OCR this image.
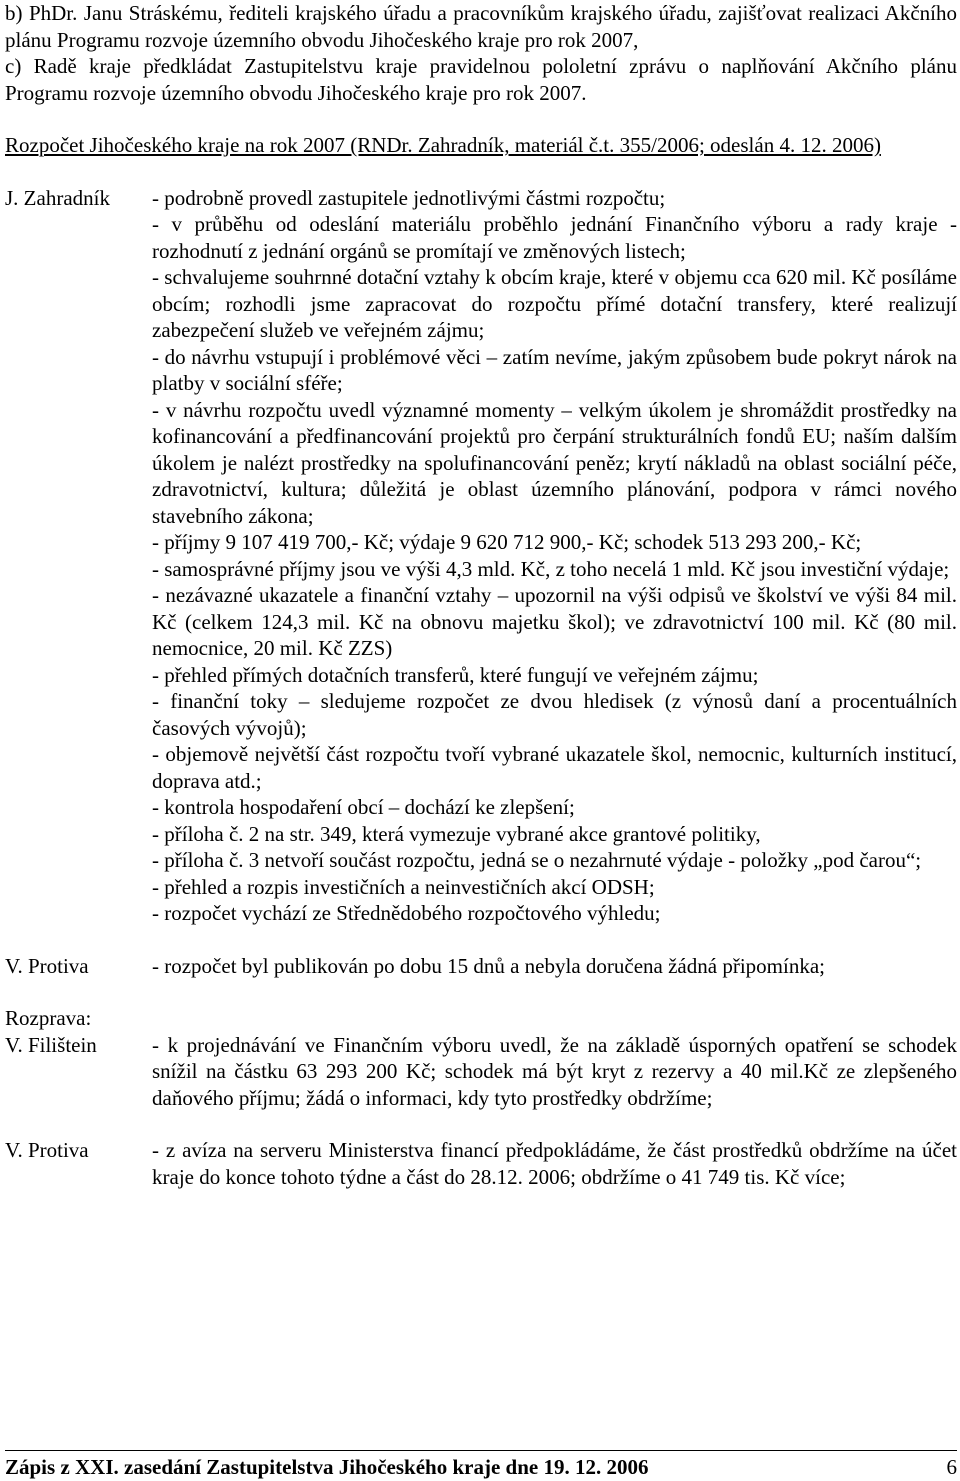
b) PhDr. Janu Stráskému, řediteli krajského úřadu a pracovníkům krajského úřadu, zajišťovat realizaci Akčního plánu Programu rozvoje územního obvodu Jihočeského kraje pro rok 2007,

c) Radě kraje předkládat Zastupitelstvu kraje pravidelnou pololetní zprávu o naplňování Akčního plánu Programu rozvoje územního obvodu Jihočeského kraje pro rok 2007.

Rozpočet Jihočeského kraje na rok 2007 (RNDr. Zahradník, materiál č.t. 355/2006; odeslán 4. 12. 2006)

J. Zahradník	- podrobně provedl zastupitele jednotlivými částmi rozpočtu;

- v průběhu od odeslání materiálu proběhlo jednání Finančního výboru a rady kraje - rozhodnutí z jednání orgánů se promítají ve změnových listech;

- schvalujeme souhrnné dotační vztahy k obcím kraje, které v objemu cca 620 mil. Kč posíláme obcím; rozhodli jsme zapracovat do rozpočtu přímé dotační transfery, které realizují zabezpečení služeb ve veřejném zájmu;

- do návrhu vstupují i problémové věci – zatím nevíme, jakým způsobem bude pokryt nárok na platby v sociální sféře;

- v návrhu rozpočtu uvedl významné momenty – velkým úkolem je shromáždit prostředky na kofinancování a předfinancování projektů pro čerpání strukturálních fondů EU; naším dalším úkolem je nalézt prostředky na spolufinancování peněz; krytí nákladů na oblast sociální péče, zdravotnictví, kultura; důležitá je oblast územního plánování, podpora v rámci nového stavebního zákona;

- příjmy 9 107 419 700,- Kč; výdaje 9 620 712 900,- Kč; schodek 513 293 200,- Kč;

- samosprávné příjmy jsou ve výši 4,3 mld. Kč, z toho necelá 1 mld. Kč jsou investiční výdaje;

- nezávazné ukazatele a finanční vztahy – upozornil na výši odpisů ve školství ve výši 84 mil. Kč (celkem 124,3 mil. Kč na obnovu majetku škol); ve zdravotnictví 100 mil. Kč (80 mil. nemocnice, 20 mil. Kč ZZS)

- přehled přímých dotačních transferů, které fungují ve veřejném zájmu;

- finanční toky – sledujeme rozpočet ze dvou hledisek (z výnosů daní a procentuálních časových vývojů);

- objemově největší část rozpočtu tvoří vybrané ukazatele škol, nemocnic, kulturních institucí, doprava atd.;

- kontrola hospodaření obcí – dochází ke zlepšení;

- příloha č. 2 na str. 349, která vymezuje vybrané akce grantové politiky,

- příloha č. 3 netvoří součást rozpočtu, jedná se o nezahrnuté výdaje - položky „pod čarou“;

- přehled a rozpis investičních a neinvestičních akcí ODSH;

- rozpočet vychází ze Střednědobého rozpočtového výhledu;

V. Protiva	- rozpočet byl publikován po dobu 15 dnů a nebyla doručena žádná připomínka;

Rozprava:
V. Filištein	- k projednávání ve Finančním výboru uvedl, že na základě úsporných opatření se schodek snížil na částku 63 293 200 Kč; schodek má být kryt z rezervy a 40 mil.Kč ze zlepšeného daňového příjmu; žádá o informaci, kdy tyto prostředky obdržíme;

V. Protiva	- z avíza na serveru Ministerstva financí předpokládáme, že část prostředků obdržíme na účet kraje do konce tohoto týdne a část do 28.12. 2006; obdržíme o 41 749 tis. Kč více;

Zápis z XXI. zasedání Zastupitelstva Jihočeského kraje dne 19. 12. 2006	6
